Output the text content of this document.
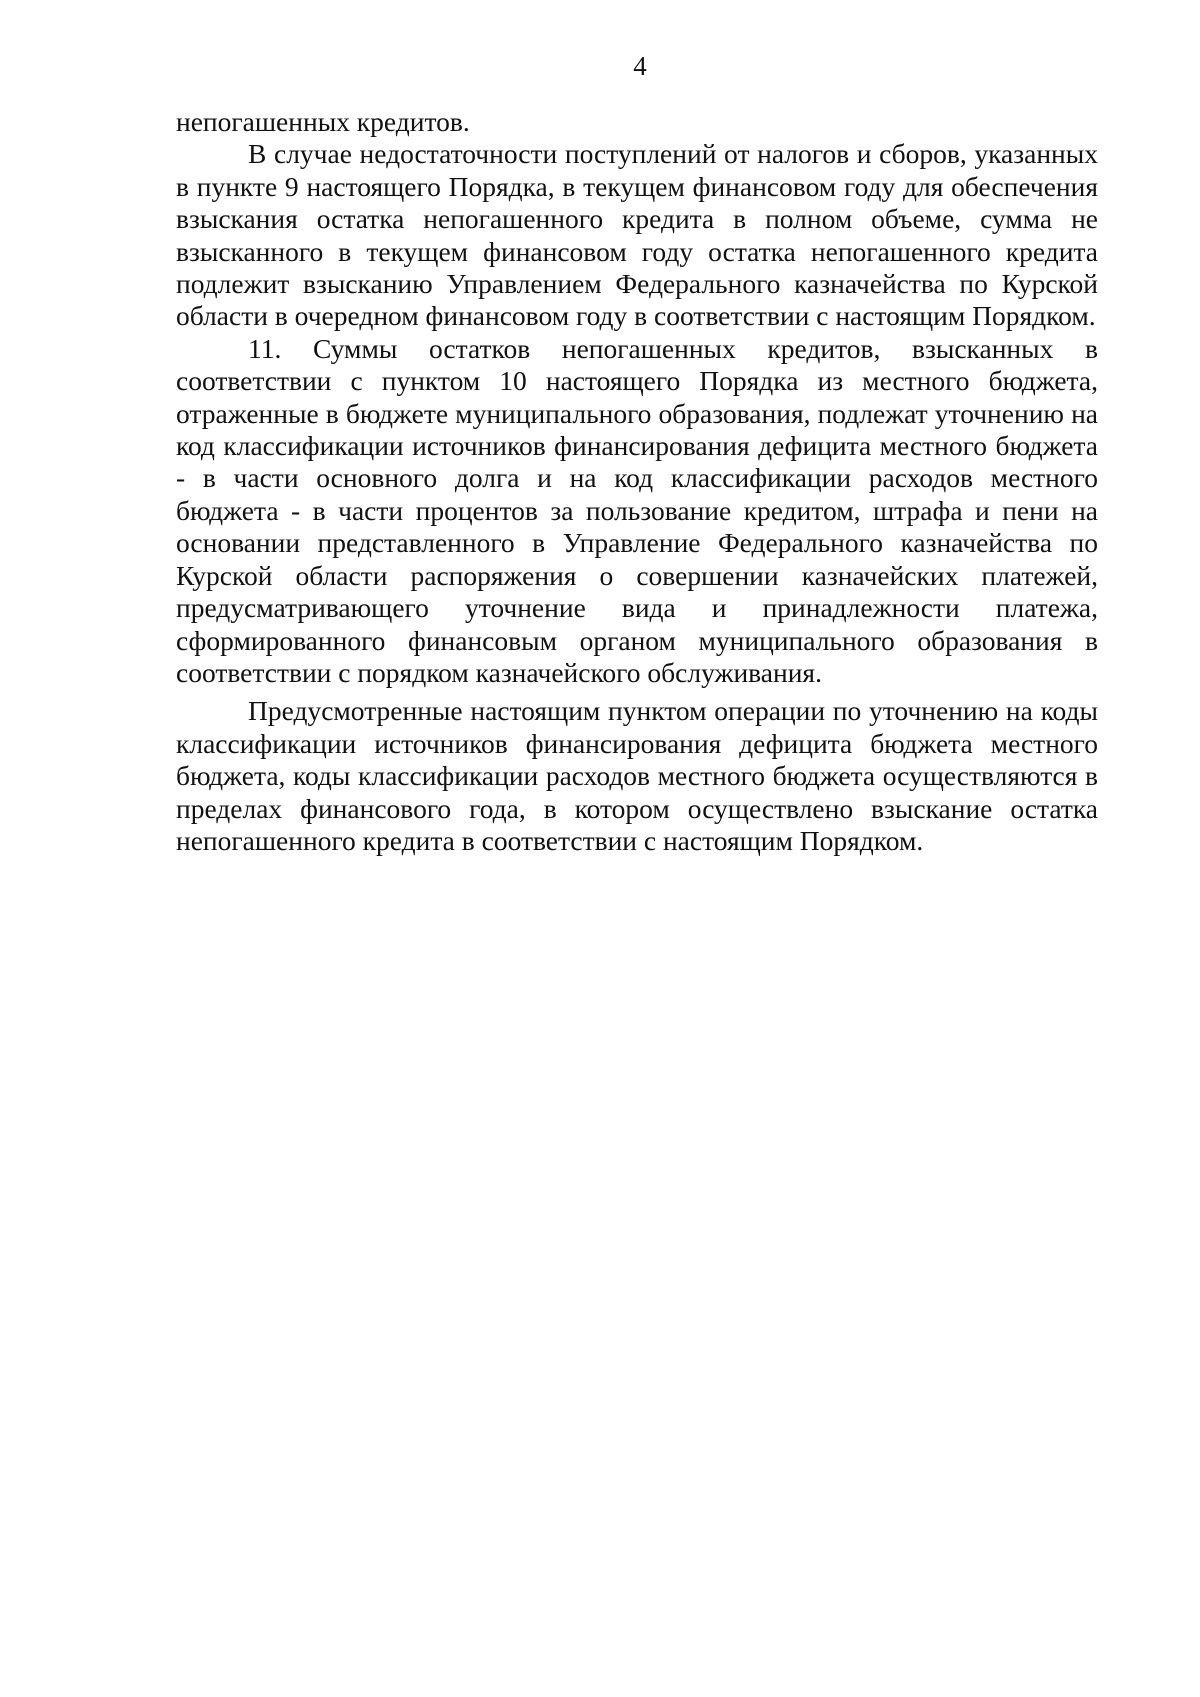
4

непогашенных кредитов.

В случае недостаточности поступлений от налогов и сборов, указанных в пункте 9 настоящего Порядка, в текущем финансовом году для обеспечения взыскания остатка непогашенного кредита в полном объеме, сумма не взысканного в текущем финансовом году остатка непогашенного кредита подлежит взысканию Управлением Федерального казначейства по Курской области в очередном финансовом году в соответствии с настоящим Порядком.

11. Суммы остатков непогашенных кредитов, взысканных в соответствии с пунктом 10 настоящего Порядка из местного бюджета, отраженные в бюджете муниципального образования, подлежат уточнению на код классификации источников финансирования дефицита местного бюджета - в части основного долга и на код классификации расходов местного бюджета - в части процентов за пользование кредитом, штрафа и пени на основании представленного в Управление Федерального казначейства по Курской области распоряжения о совершении казначейских платежей, предусматривающего уточнение вида и принадлежности платежа, сформированного финансовым органом муниципального образования в соответствии с порядком казначейского обслуживания.

Предусмотренные настоящим пунктом операции по уточнению на коды классификации источников финансирования дефицита бюджета местного бюджета, коды классификации расходов местного бюджета осуществляются в пределах финансового года, в котором осуществлено взыскание остатка непогашенного кредита в соответствии с настоящим Порядком.
